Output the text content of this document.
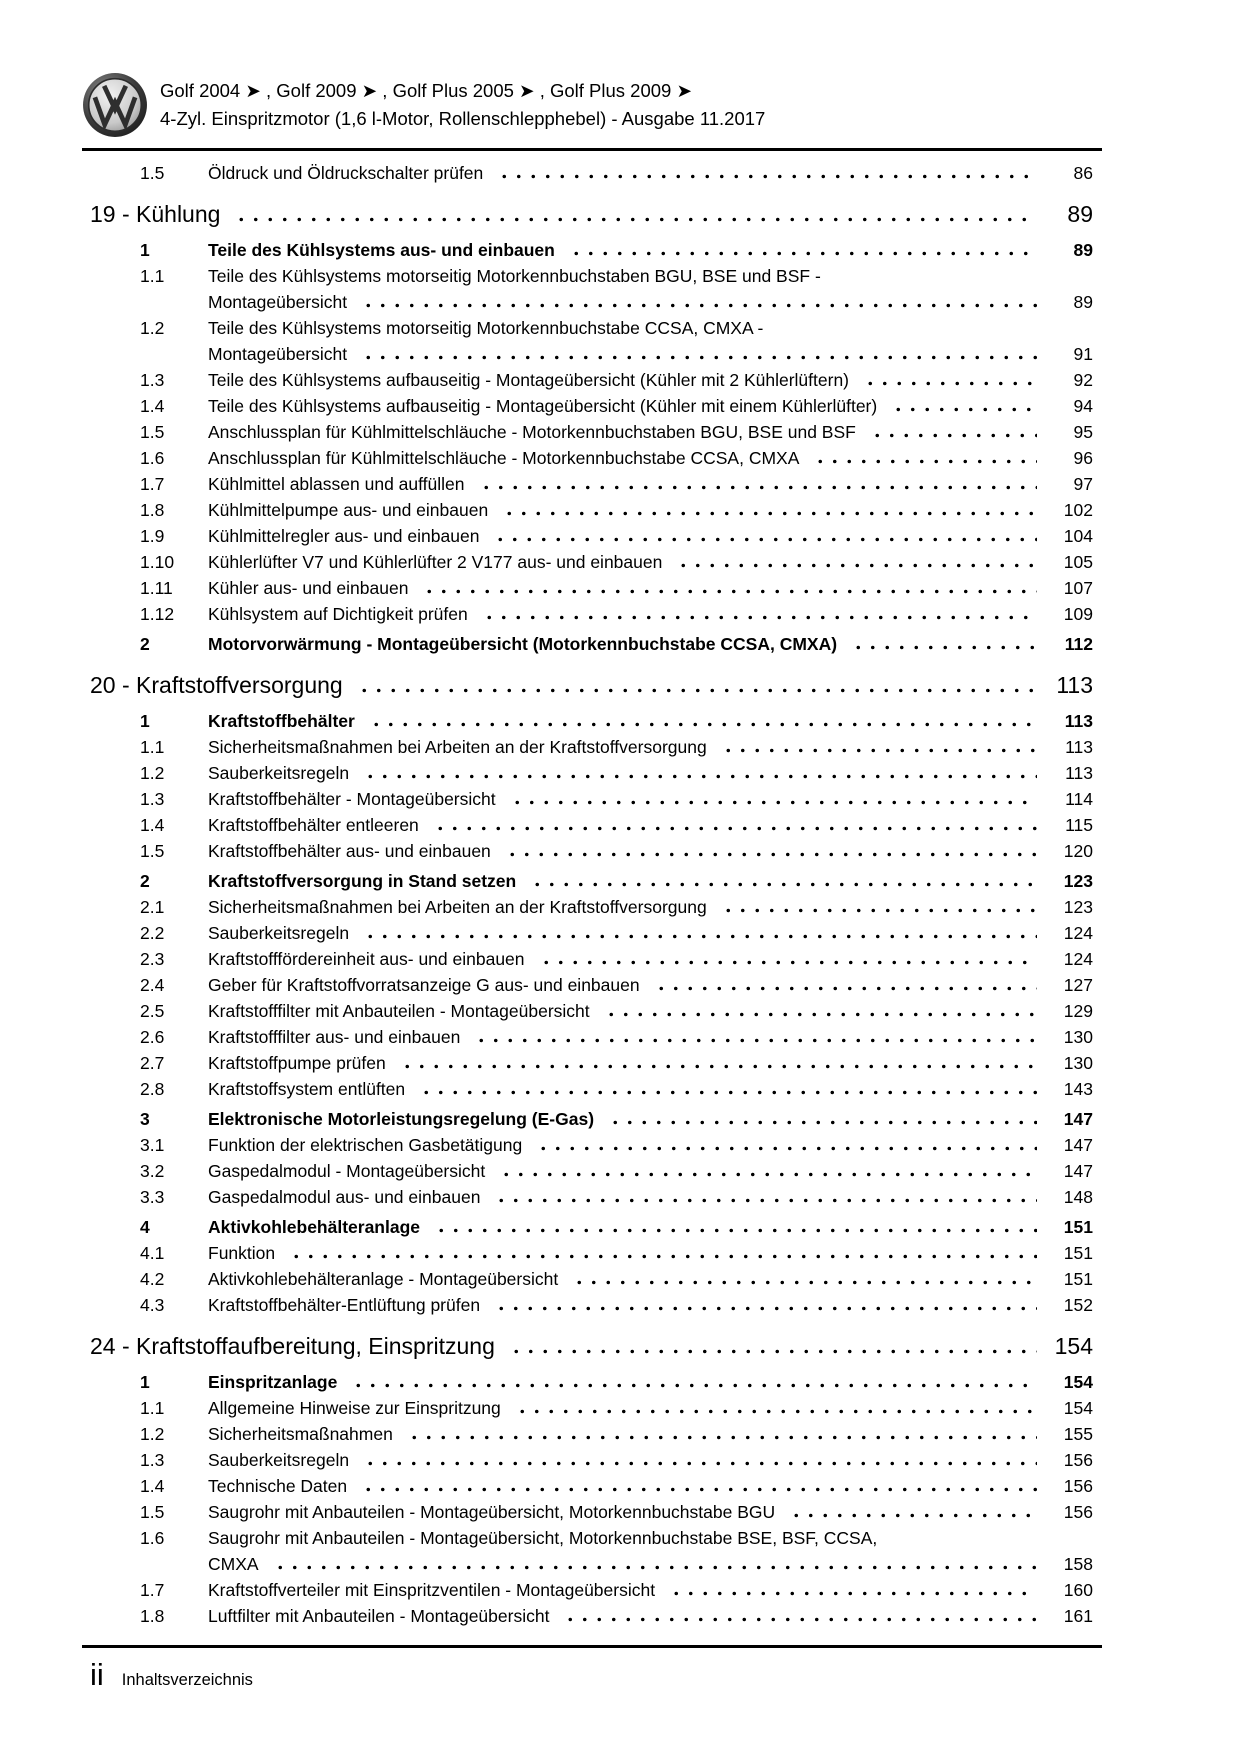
Golf 2004 ➤ , Golf 2009 ➤ , Golf Plus 2005 ➤ , Golf Plus 2009 ➤
4-Zyl. Einspritzmotor (1,6 l-Motor, Rollenschlepphebel) - Ausgabe 11.2017
1.5	Öldruck und Öldruckschalter prüfen	86
19 - Kühlung	89
1	Teile des Kühlsystems aus- und einbauen	89
1.1	Teile des Kühlsystems motorseitig Motorkennbuchstaben BGU, BSE und BSF -
Montageübersicht	89
1.2	Teile des Kühlsystems motorseitig Motorkennbuchstabe CCSA, CMXA -
Montageübersicht	91
1.3	Teile des Kühlsystems aufbauseitig - Montageübersicht (Kühler mit 2 Kühlerlüftern)	92
1.4	Teile des Kühlsystems aufbauseitig - Montageübersicht (Kühler mit einem Kühlerlüfter)	94
1.5	Anschlussplan für Kühlmittelschläuche - Motorkennbuchstaben BGU, BSE und BSF	95
1.6	Anschlussplan für Kühlmittelschläuche - Motorkennbuchstabe CCSA, CMXA	96
1.7	Kühlmittel ablassen und auffüllen	97
1.8	Kühlmittelpumpe aus- und einbauen	102
1.9	Kühlmittelregler aus- und einbauen	104
1.10	Kühlerlüfter V7 und Kühlerlüfter 2 V177 aus- und einbauen	105
1.11	Kühler aus- und einbauen	107
1.12	Kühlsystem auf Dichtigkeit prüfen	109
2	Motorvorwärmung - Montageübersicht (Motorkennbuchstabe CCSA, CMXA)	112
20 - Kraftstoffversorgung	113
1	Kraftstoffbehälter	113
1.1	Sicherheitsmaßnahmen bei Arbeiten an der Kraftstoffversorgung	113
1.2	Sauberkeitsregeln	113
1.3	Kraftstoffbehälter - Montageübersicht	114
1.4	Kraftstoffbehälter entleeren	115
1.5	Kraftstoffbehälter aus- und einbauen	120
2	Kraftstoffversorgung in Stand setzen	123
2.1	Sicherheitsmaßnahmen bei Arbeiten an der Kraftstoffversorgung	123
2.2	Sauberkeitsregeln	124
2.3	Kraftstofffördereinheit aus- und einbauen	124
2.4	Geber für Kraftstoffvorratsanzeige G aus- und einbauen	127
2.5	Kraftstofffilter mit Anbauteilen - Montageübersicht	129
2.6	Kraftstofffilter aus- und einbauen	130
2.7	Kraftstoffpumpe prüfen	130
2.8	Kraftstoffsystem entlüften	143
3	Elektronische Motorleistungsregelung (E-Gas)	147
3.1	Funktion der elektrischen Gasbetätigung	147
3.2	Gaspedalmodul - Montageübersicht	147
3.3	Gaspedalmodul aus- und einbauen	148
4	Aktivkohlebehälteranlage	151
4.1	Funktion	151
4.2	Aktivkohlebehälteranlage - Montageübersicht	151
4.3	Kraftstoffbehälter-Entlüftung prüfen	152
24 - Kraftstoffaufbereitung, Einspritzung	154
1	Einspritzanlage	154
1.1	Allgemeine Hinweise zur Einspritzung	154
1.2	Sicherheitsmaßnahmen	155
1.3	Sauberkeitsregeln	156
1.4	Technische Daten	156
1.5	Saugrohr mit Anbauteilen - Montageübersicht, Motorkennbuchstabe BGU	156
1.6	Saugrohr mit Anbauteilen - Montageübersicht, Motorkennbuchstabe BSE, BSF, CCSA,
CMXA	158
1.7	Kraftstoffverteiler mit Einspritzventilen - Montageübersicht	160
1.8	Luftfilter mit Anbauteilen - Montageübersicht	161
ii Inhaltsverzeichnis
